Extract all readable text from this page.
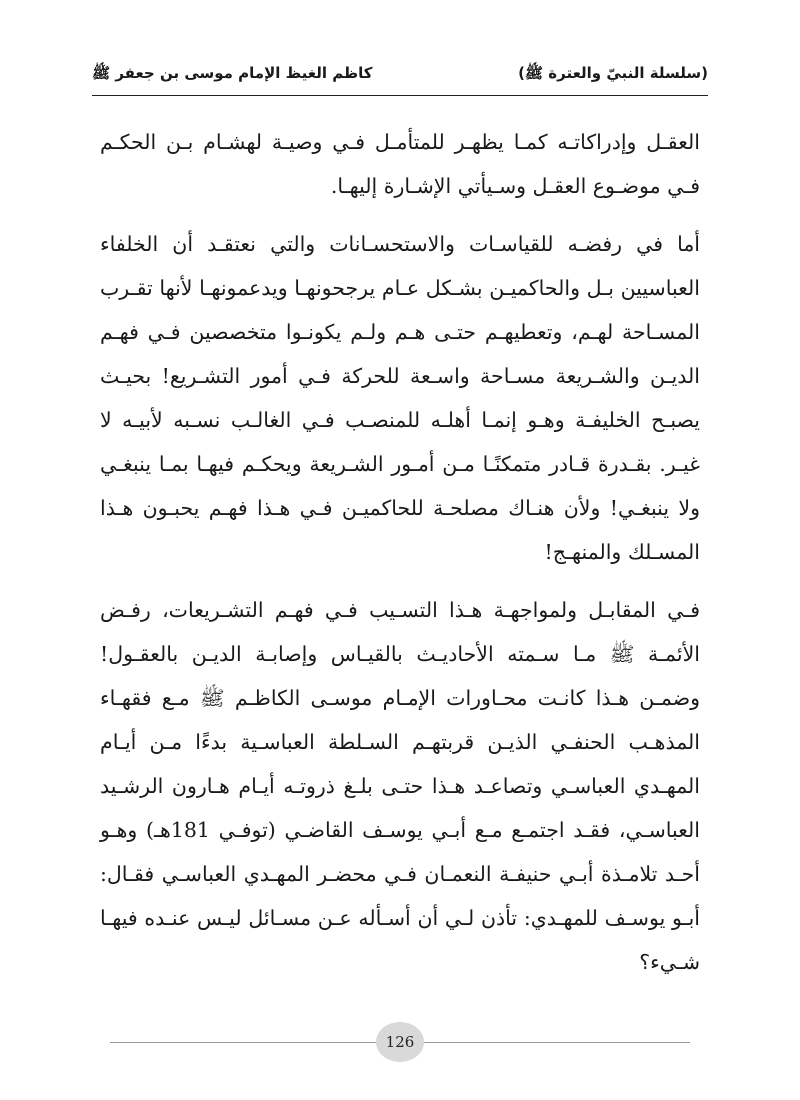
(سلسلة النبيّ والعترة ﷺ)
كاظم الغيظ الإمام موسى بن جعفر ﷺ

العقـل وإدراكاتـه كمـا يظهـر للمتأمـل فـي وصيـة لهشـام بـن الحكـم فـي موضـوع العقـل وسـيأتي الإشـارة إليهـا.

أما في رفضـه للقياسـات والاستحسـانات والتي نعتقـد أن الخلفاء العباسيين بـل والحاكميـن بشـكل عـام يرجحونهـا ويدعمونهـا لأنها تقـرب المسـاحة لهـم، وتعطيهـم حتـى هـم ولـم يكونـوا متخصصين فـي فهـم الديـن والشـريعة مسـاحة واسـعة للحركة فـي أمور التشـريع! بحيـث يصبـح الخليفـة وهـو إنمـا أهلـه للمنصـب فـي الغالـب نسـبه لأبيـه لا غيـر. بقـدرة قـادر متمكنًـا مـن أمـور الشـريعة ويحكـم فيهـا بمـا ينبغـي ولا ينبغـي! ولأن هنـاك مصلحـة للحاكميـن فـي هـذا فهـم يحبـون هـذا المسـلك والمنهـج!

فـي المقابـل ولمواجهـة هـذا التسـيب فـي فهـم التشـريعات، رفـض الأئمـة ﷺ مـا سـمته الأحاديـث بالقيـاس وإصابـة الديـن بالعقـول! وضمـن هـذا كانـت محـاورات الإمـام موسـى الكاظـم ﷺ مـع فقهـاء المذهـب الحنفـي الذيـن قربتهـم السـلطة العباسـية بدءًا مـن أيـام المهـدي العباسـي وتصاعـد هـذا حتـى بلـغ ذروتـه أيـام هـارون الرشـيد العباسـي، فقـد اجتمـع مـع أبـي يوسـف القاضـي (توفـي 181هـ) وهـو أحـد تلامـذة أبـي حنيفـة النعمـان فـي محضـر المهـدي العباسـي فقـال: أبـو يوسـف للمهـدي: تأذن لـي أن أسـأله عـن مسـائل ليـس عنـده فيهـا شـيء؟

126
